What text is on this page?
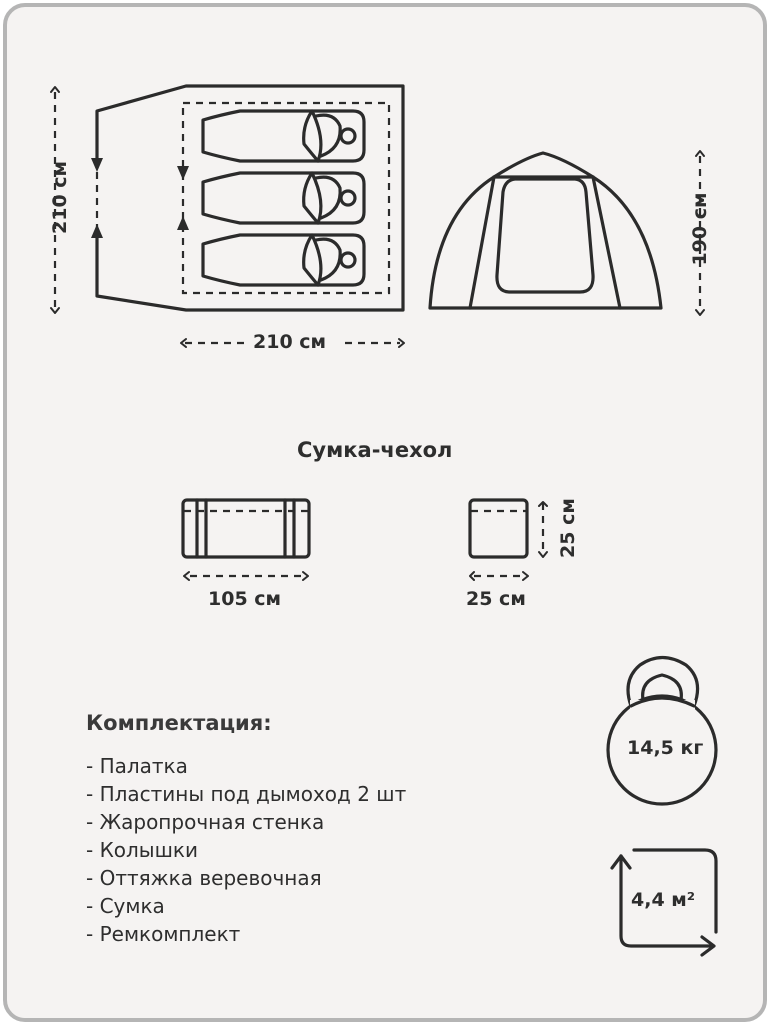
210 см
210 см
190 см
Сумка-чехол
105 см	25 см
25 см
Комплектация:
- Палатка
- Пластины под дымоход 2 шт
- Жаропрочная стенка
- Колышки
- Оттяжка веревочная
- Сумка
- Ремкомплект
14,5 кг
4,4 м²
